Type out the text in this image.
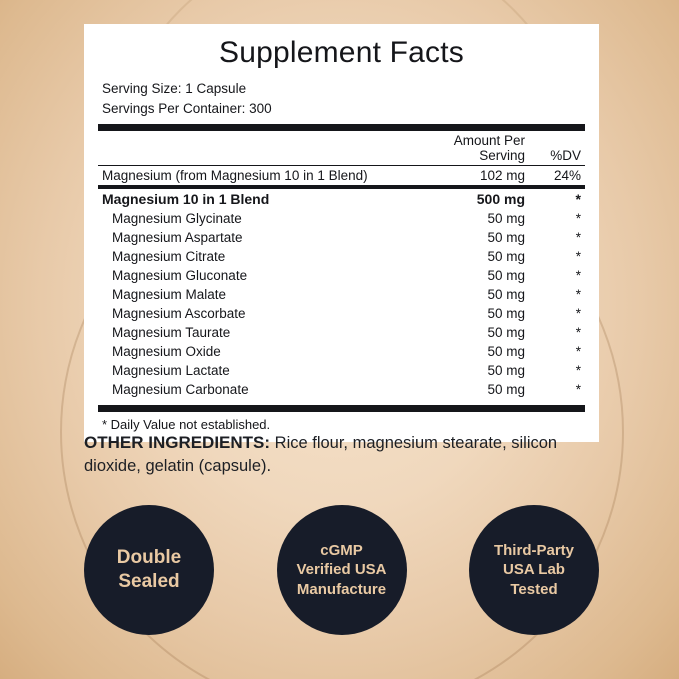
Supplement Facts
Serving Size: 1 Capsule
Servings Per Container: 300
	Amount Per Serving	%DV
Magnesium (from Magnesium 10 in 1 Blend)	102 mg	24%
Magnesium 10 in 1 Blend	500 mg	*
Magnesium Glycinate	50 mg	*
Magnesium Aspartate	50 mg	*
Magnesium Citrate	50 mg	*
Magnesium Gluconate	50 mg	*
Magnesium Malate	50 mg	*
Magnesium Ascorbate	50 mg	*
Magnesium Taurate	50 mg	*
Magnesium Oxide	50 mg	*
Magnesium Lactate	50 mg	*
Magnesium Carbonate	50 mg	*
* Daily Value not established.
OTHER INGREDIENTS: Rice flour, magnesium stearate, silicon dioxide, gelatin (capsule).
Double
Sealed
cGMP
Verified USA
Manufacture
Third-Party
USA Lab
Tested
